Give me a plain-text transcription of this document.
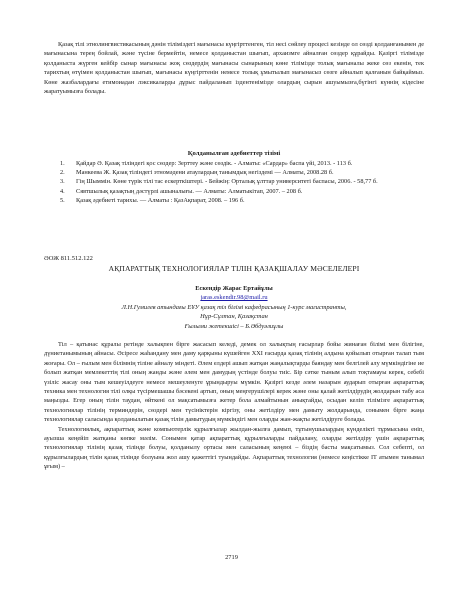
Қазақ тілі этнолингвистикасының дәнін тіліміздегі мағынасы күңгірттенген, тіл несі сөйлеу процесі кезінде ол сөзді қолданғанымен де мағынасына терең бойлай, және түсіне бермейтін, немесе қолданыстан шығып, архаизмге айналған сөздер құрайды. Қазіргі тілімізде қолданыста жүрген кейбір сынар мағынасы жоқ сөздердің мағынасы сынарының көне тілімізде толық мағыналы жеке сөз екенін, тек тарихтың өтүімен қолданыстан шығып, мағынасы күңгірттенін немесе толық ұмытылып мағынасыз сөзге айналып қалғанын байқаймыз. Көне жазбалардағы етимоиадан лэксикаларды дұрыс пайдаланып іздентенімізде олардың сырын ашуымызға,бүгінгі күннің кідесіне жаратуымызға болады.

Қолданылған әдебиеттер тізімі
1.	Қайдар Ә. Қазақ тіліндегі қос сөздер: Зерттеу және сөздік. - Алматы: «Сардар» баспа үйі, 2013. - 113 б.
2.	Манкеева Ж. Қазақ тіліндегі этномәдени атаулардың танымдық негіздемі — Алматы, 2008.28 б.
3.	Гің Шыммін. Көне түрік тілі тас ескерткіштері. - Бейжің: Орталық ұлттар университеті баспасы, 2006. - 58,77 б.
4.	Сявтшылық қазақтың дәстүрлі ашыналығы. — Алматы: Алматыкітап, 2007. – 208 б.
5.	Қазақ әдебиеті тарихы. — Алматы : ҚазАқпарат, 2008. – 196 б.
ӘОЖ 811.512.122
АҚПАРАТТЫҚ ТЕХНОЛОГИЯЛАР ТІЛІН ҚАЗАҚШАЛАУ МӘСЕЛЕЛЕРІ
Ескендір Жарас Ертайұлы
jaras.eskendir.98@mail.ru
Л.Н.Гумилев атындағы ЕҰУ қазақ тіл білімі кафедрасының 1-курс магистранты,
Нұр-Сұлтан, Қазақстан
Ғылыми жетекшісі – Б.Әбдуәлиұлы

Тіл – қатынас құралы ретінде халықпен бірге жасасып келеді, демек ол халықтың ғасырлар бойы жинаған білімі мен білігіне, дүниетанымының айнасы. Әсіресе жаһандану мен даму қарқыны күшейген XXI ғасырда қазақ тілінің алдына қойылып отырған талап тым жоғары. Ол – ғылым мен білімнің тіліне айналу міндеті. Әлем елдері ашып жатқан жаңалықтарды баяндау мен белгілей алу мүмкіндігіне ие болып жатқан мемлекеттің тілі оның жанды және әлем мен дамудың үстінде болуы тиіс. Бір сәтке тыным алып тоқтамауы керек, себебі үзіліс жасау оны тым кешеуілдеуге немесе мешеуленуге ұрындыруы мүмкін. Қазіргі кезде әлем назарын аударып отырған ақпараттық техника мен технология тілі олқы түсірмешашы бәсекені артып, оның меңгерушілері керек және оны қалай жетілдірудің жолдарын табу аса маңызды. Егер оның тілін таудан, өйткені ол мақсатымызға жетер бола алмайтынын анықтайды, осыдан келіп тілімізге ақпараттық технологиялар тілінің терминдерін, сөздері мен түсініктерін кіргізу, оны жетілдіру мен дамыту жолдарында, сонымен бірге жаңа технологиялар саласында қолданылатын қазақ тілін дамытудың мүмкіндігі мен оларды жан-жақты жетілдіруге болады.

Технологиялық, ақпараттық және компьютерлік құрылғылар жылдан-жылға дамып, тұтынушылардың күнделікті тұрмысына еніп, ауызша кеңейіп жатқаны көпке мәлім. Сонымен қатар ақпараттық құрылғыларды пайдалану, оларды жетілдіру үшін ақпараттық технологиялар тілінің қазақ тілінде болуы, қолданылу ортасы мен саласының кеңеюі – біздің басты мақсатымыз. Сол себепті, ол құрылғылардың тілін қазақ тілінде болуына жол ашу қажеттігі туындайды. Ақпараттық технология (немесе кеңістікке ІТ атымен танымал ұғым) –

2719
